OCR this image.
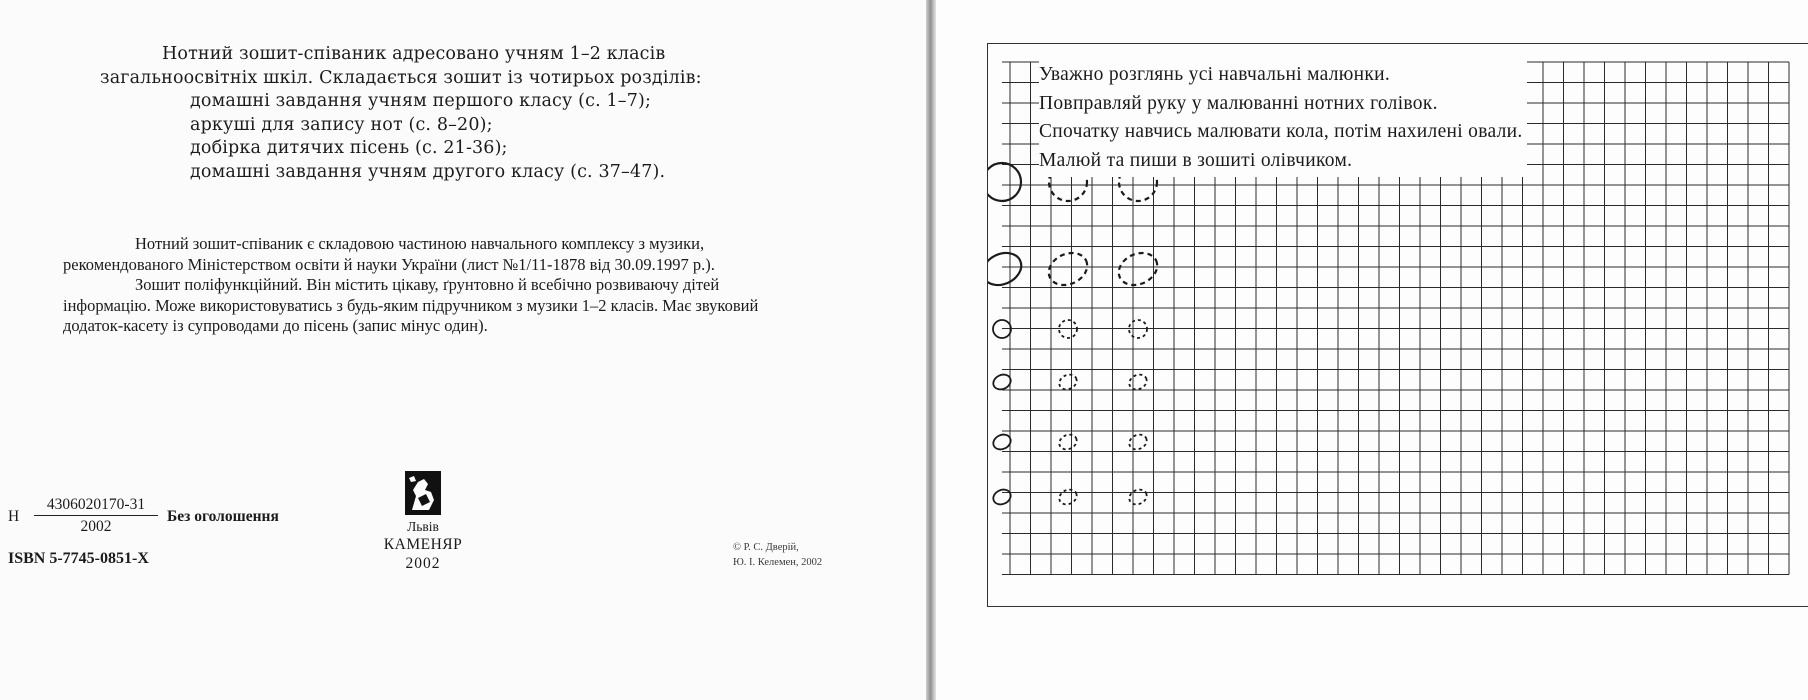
Нотний зошит-співаник адресовано учням 1–2 класів
загальноосвітніх шкіл. Складається зошит із чотирьох розділів:
домашні завдання учням першого класу (с. 1–7);
аркуші для запису нот (с. 8–20);
добірка дитячих пісень (с. 21-36);
домашні завдання учням другого класу (с. 37–47).

Нотний зошит-співаник є складовою частиною навчального комплексу з музики, рекомендованого Міністерством освіти й науки України (лист №1/11-1878 від 30.09.1997 р.).

Зошит поліфункційний. Він містить цікаву, ґрунтовно й всебічно розвиваючу дітей інформацію. Може використовуватись з будь-яким підручником з музики 1–2 класів. Має звуковий додаток-касету із супроводами до пісень (запис мінус один).

Н $\frac{4306020170-31}{2002}$ Без оголошення
ISBN 5-7745-0851-X
Львів
КАМЕНЯР
2002
© Р. С. Дверій,
Ю. І. Келемен, 2002
Уважно розглянь усі навчальні малюнки.
Повправляй руку у малюванні нотних голівок.
Спочатку навчись малювати кола, потім нахилені овали.
Малюй та пиши в зошиті олівчиком.
